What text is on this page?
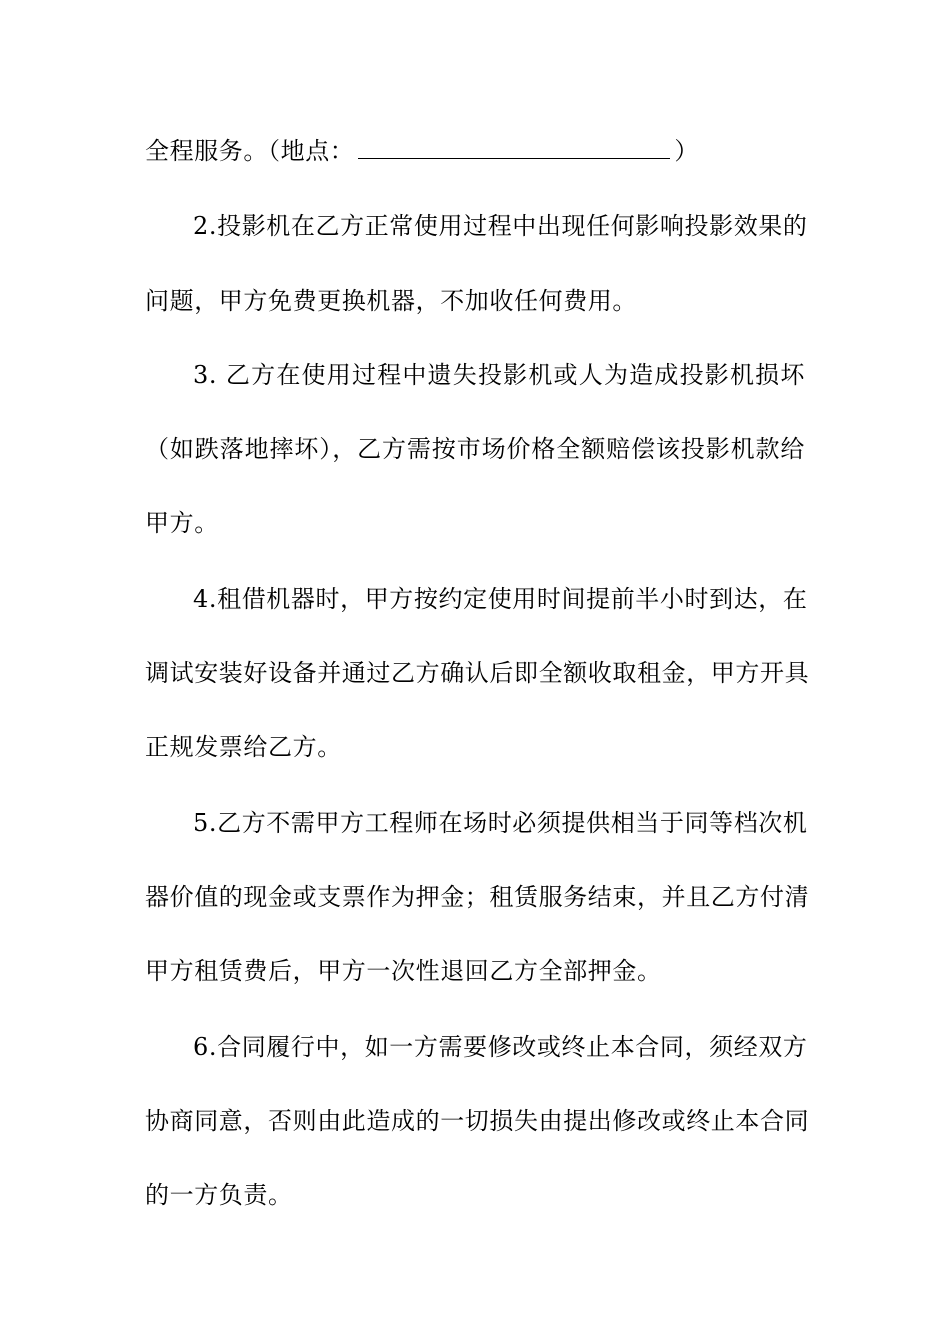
全程服务。（地点：	）
2.投影机在乙方正常使用过程中出现任何影响投影效果的
问题，甲方免费更换机器，不加收任何费用。
3. 乙方在使用过程中遗失投影机或人为造成投影机损坏
（如跌落地摔坏），乙方需按市场价格全额赔偿该投影机款给
甲方。
4.租借机器时，甲方按约定使用时间提前半小时到达，在
调试安装好设备并通过乙方确认后即全额收取租金，甲方开具
正规发票给乙方。
5.乙方不需甲方工程师在场时必须提供相当于同等档次机
器价值的现金或支票作为押金；租赁服务结束，并且乙方付清
甲方租赁费后，甲方一次性退回乙方全部押金。
6.合同履行中，如一方需要修改或终止本合同，须经双方
协商同意，否则由此造成的一切损失由提出修改或终止本合同
的一方负责。
